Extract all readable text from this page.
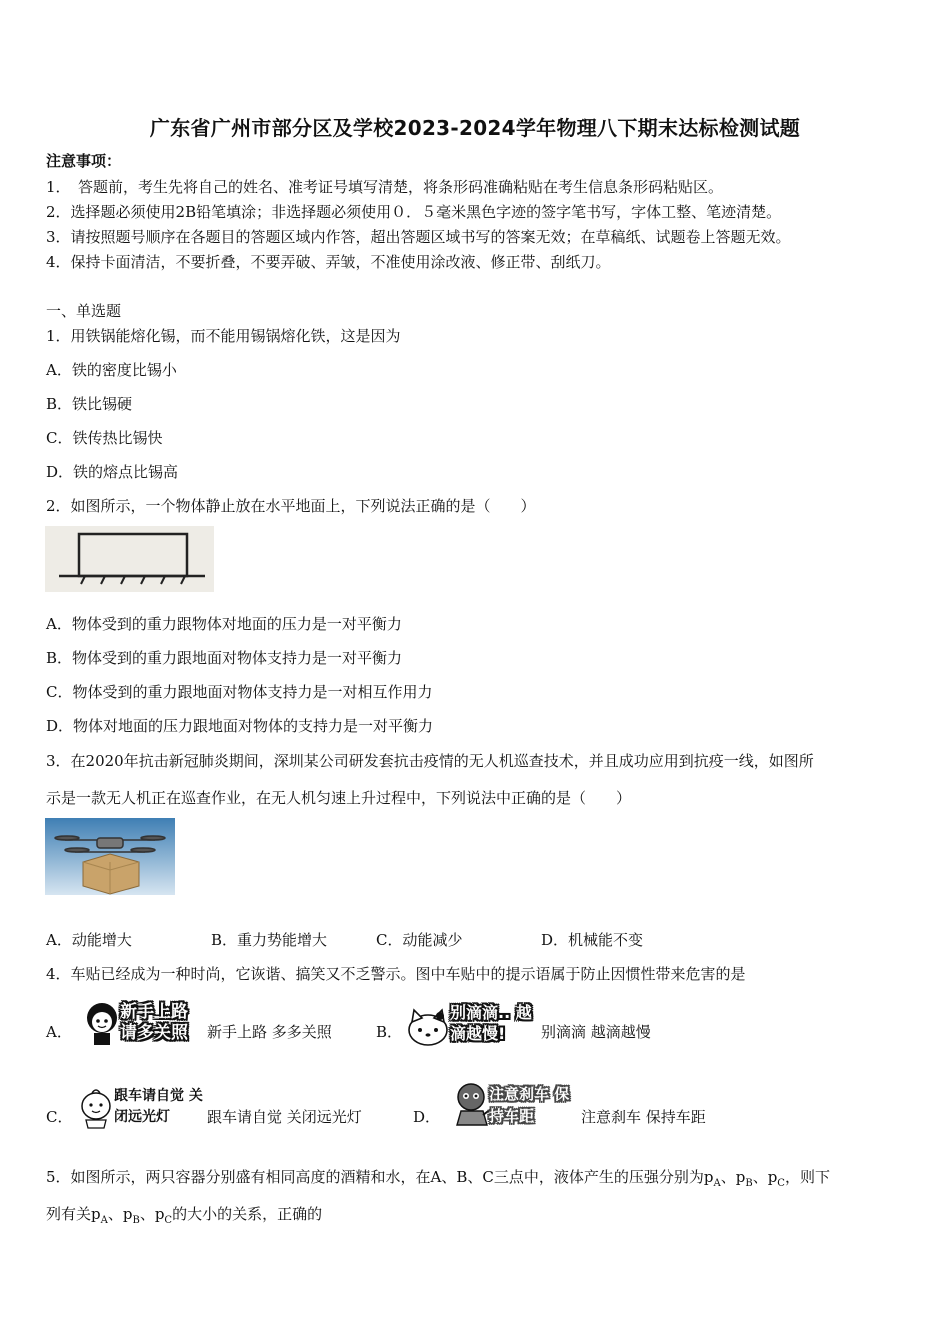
广东省广州市部分区及学校2023-2024学年物理八下期末达标检测试题
注意事项：
1．　答题前，考生先将自己的姓名、准考证号填写清楚，将条形码准确粘贴在考生信息条形码粘贴区。
2．选择题必须使用2B铅笔填涂；非选择题必须使用０．５毫米黑色字迹的签字笔书写，字体工整、笔迹清楚。
3．请按照题号顺序在各题目的答题区域内作答，超出答题区域书写的答案无效；在草稿纸、试题卷上答题无效。
4．保持卡面清洁，不要折叠，不要弄破、弄皱，不准使用涂改液、修正带、刮纸刀。
一、单选题
1．用铁锅能熔化锡，而不能用锡锅熔化铁，这是因为
A．铁的密度比锡小
B．铁比锡硬
C．铁传热比锡快
D．铁的熔点比锡高
2．如图所示，一个物体静止放在水平地面上，下列说法正确的是（　　）
A．物体受到的重力跟物体对地面的压力是一对平衡力
B．物体受到的重力跟地面对物体支持力是一对平衡力
C．物体受到的重力跟地面对物体支持力是一对相互作用力
D．物体对地面的压力跟地面对物体的支持力是一对平衡力
3．在2020年抗击新冠肺炎期间，深圳某公司研发套抗击疫情的无人机巡查技术，并且成功应用到抗疫一线，如图所
示是一款无人机正在巡查作业，在无人机匀速上升过程中，下列说法中正确的是（　　）
A．动能增大	B．重力势能增大	C．动能减少	D．机械能不变
4．车贴已经成为一种时尚，它诙谐、搞笑又不乏警示。图中车贴中的提示语属于防止因惯性带来危害的是
A．
新手上路 请多关照	新手上路 多多关照	B．
别滴滴.. 越滴越慢!	别滴滴 越滴越慢
C．
跟车请自觉 关闭远光灯	跟车请自觉 关闭远光灯	D．
注意刹车 保持车距	注意刹车 保持车距
5．如图所示，两只容器分别盛有相同高度的酒精和水，在A、B、C三点中，液体产生的压强分别为$p_A$、$p_B$、$p_C$，则下
列有关$p_A$、$p_B$、$p_C$的大小的关系，正确的
